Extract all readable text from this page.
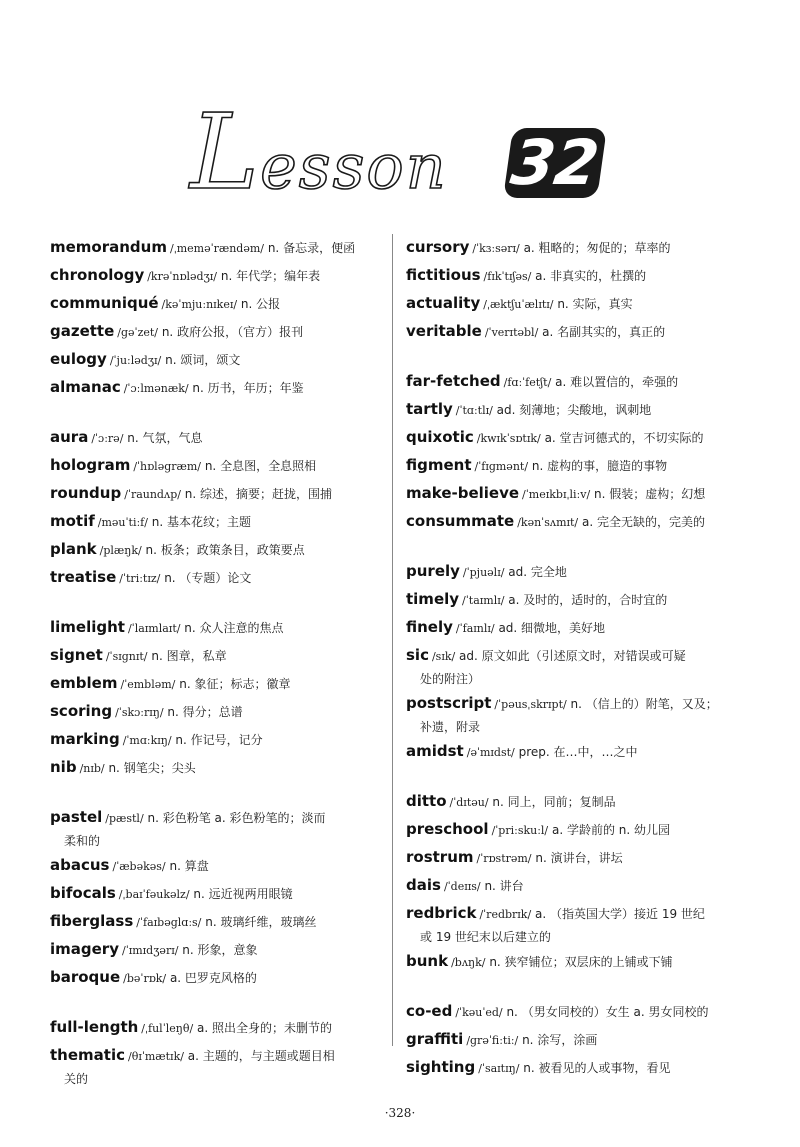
Lesson 32
memorandum /ˌmeməˈrændəm/ n. 备忘录，便函
chronology /krəˈnɒlədʒɪ/ n. 年代学；编年表
communiqué /kəˈmjuːnɪkeɪ/ n. 公报
gazette /gəˈzet/ n. 政府公报，（官方）报刊
eulogy /ˈjuːlədʒɪ/ n. 颂词，颂文
almanac /ˈɔːlmənæk/ n. 历书，年历；年鉴
aura /ˈɔːrə/ n. 气氛，气息
hologram /ˈhɒləgræm/ n. 全息图，全息照相
roundup /ˈraundʌp/ n. 综述，摘要；赶拢，围捕
motif /məuˈtiːf/ n. 基本花纹；主题
plank /plæŋk/ n. 板条；政策条目，政策要点
treatise /ˈtriːtɪz/ n. （专题）论文
limelight /ˈlaɪmlaɪt/ n. 众人注意的焦点
signet /ˈsɪgnɪt/ n. 图章，私章
emblem /ˈembləm/ n. 象征；标志；徽章
scoring /ˈskɔːrɪŋ/ n. 得分；总谱
marking /ˈmɑːkɪŋ/ n. 作记号，记分
nib /nɪb/ n. 钢笔尖；尖头
pastel /pæstl/ n. 彩色粉笔 a. 彩色粉笔的；淡而
柔和的
abacus /ˈæbəkəs/ n. 算盘
bifocals /ˌbaɪˈfəukəlz/ n. 远近视两用眼镜
fiberglass /ˈfaɪbəglɑːs/ n. 玻璃纤维，玻璃丝
imagery /ˈɪmɪdʒərɪ/ n. 形象，意象
baroque /bəˈrɒk/ a. 巴罗克风格的
full-length /ˌfulˈleŋθ/ a. 照出全身的；未删节的
thematic /θɪˈmætɪk/ a. 主题的，与主题或题目相
关的
cursory /ˈkɜːsərɪ/ a. 粗略的；匆促的；草率的
fictitious /fɪkˈtɪʃəs/ a. 非真实的，杜撰的
actuality /ˌæktʃuˈælɪtɪ/ n. 实际，真实
veritable /ˈverɪtəbl/ a. 名副其实的，真正的
far-fetched /fɑːˈfetʃt/ a. 难以置信的，牵强的
tartly /ˈtɑːtlɪ/ ad. 刻薄地；尖酸地，讽刺地
quixotic /kwɪkˈsɒtɪk/ a. 堂吉诃德式的，不切实际的
figment /ˈfɪgmənt/ n. 虚构的事，臆造的事物
make-believe /ˈmeɪkbɪˌliːv/ n. 假装；虚构；幻想
consummate /kənˈsʌmɪt/ a. 完全无缺的，完美的
purely /ˈpjuəlɪ/ ad. 完全地
timely /ˈtaɪmlɪ/ a. 及时的，适时的，合时宜的
finely /ˈfaɪnlɪ/ ad. 细微地，美好地
sic /sɪk/ ad. 原文如此（引述原文时，对错误或可疑
处的附注）
postscript /ˈpəusˌskrɪpt/ n. （信上的）附笔，又及；
补遗，附录
amidst /əˈmɪdst/ prep. 在…中，…之中
ditto /ˈdɪtəu/ n. 同上，同前；复制品
preschool /ˈpriːskuːl/ a. 学龄前的 n. 幼儿园
rostrum /ˈrɒstrəm/ n. 演讲台，讲坛
dais /ˈdeɪɪs/ n. 讲台
redbrick /ˈredbrɪk/ a. （指英国大学）接近 19 世纪
或 19 世纪末以后建立的
bunk /bʌŋk/ n. 狭窄铺位；双层床的上铺或下铺
co-ed /ˈkəuˈed/ n. （男女同校的）女生 a. 男女同校的
graffiti /grəˈfiːtiː/ n. 涂写，涂画
sighting /ˈsaɪtɪŋ/ n. 被看见的人或事物，看见
·328·
